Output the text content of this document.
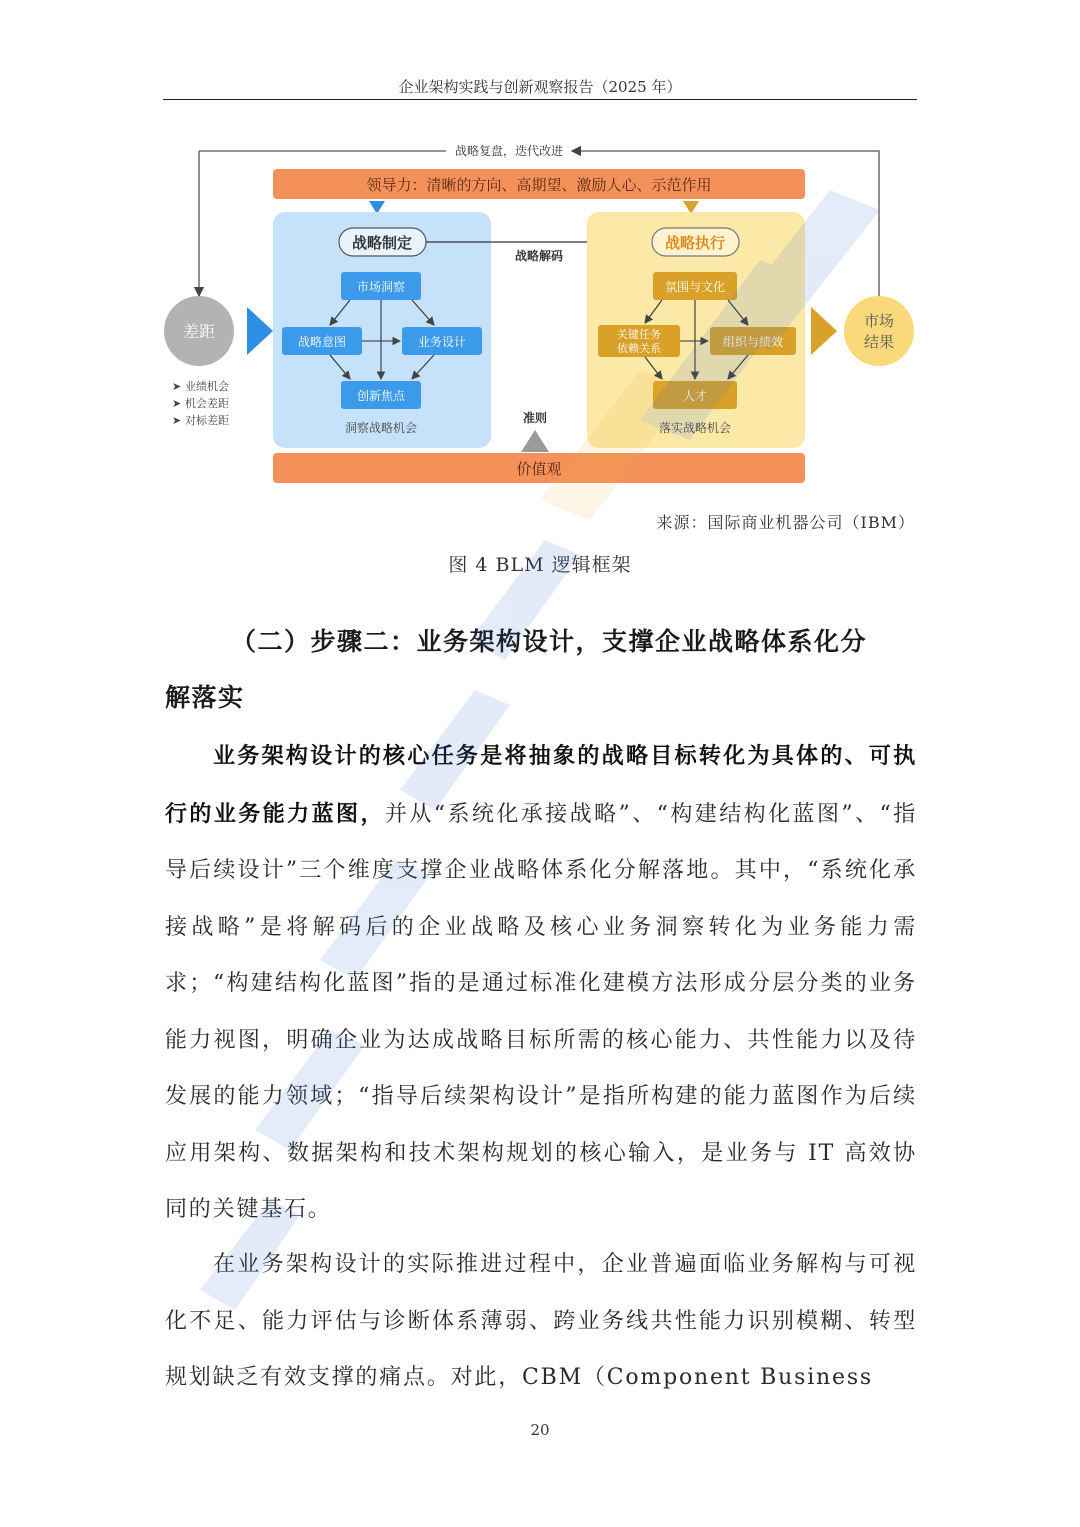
企业架构实践与创新观察报告（2025 年）
战略复盘，迭代改进
领导力：清晰的方向、高期望、激励人心、示范作用
差距
➤ 业绩机会
➤ 机会差距
➤ 对标差距
战略制定
市场洞察
战略意图	业务设计
创新焦点
洞察战略机会
战略解码
准则
战略执行
氛围与文化
关键任务
依赖关系	组织与绩效
人才
落实战略机会
市场
结果
价值观
来源：国际商业机器公司（IBM）
图 4 BLM 逻辑框架
（二）步骤二：业务架构设计，支撑企业战略体系化分
解落实
业务架构设计的核心任务是将抽象的战略目标转化为具体的、可执行的业务能力蓝图，并从“系统化承接战略”、“构建结构化蓝图”、“指导后续设计”三个维度支撑企业战略体系化分解落地。其中，“系统化承接战略”是将解码后的企业战略及核心业务洞察转化为业务能力需求；“构建结构化蓝图”指的是通过标准化建模方法形成分层分类的业务能力视图，明确企业为达成战略目标所需的核心能力、共性能力以及待发展的能力领域；“指导后续架构设计”是指所构建的能力蓝图作为后续应用架构、数据架构和技术架构规划的核心输入，是业务与 IT 高效协同的关键基石。
在业务架构设计的实际推进过程中，企业普遍面临业务解构与可视化不足、能力评估与诊断体系薄弱、跨业务线共性能力识别模糊、转型规划缺乏有效支撑的痛点。对此，CBM（Component Business
20
